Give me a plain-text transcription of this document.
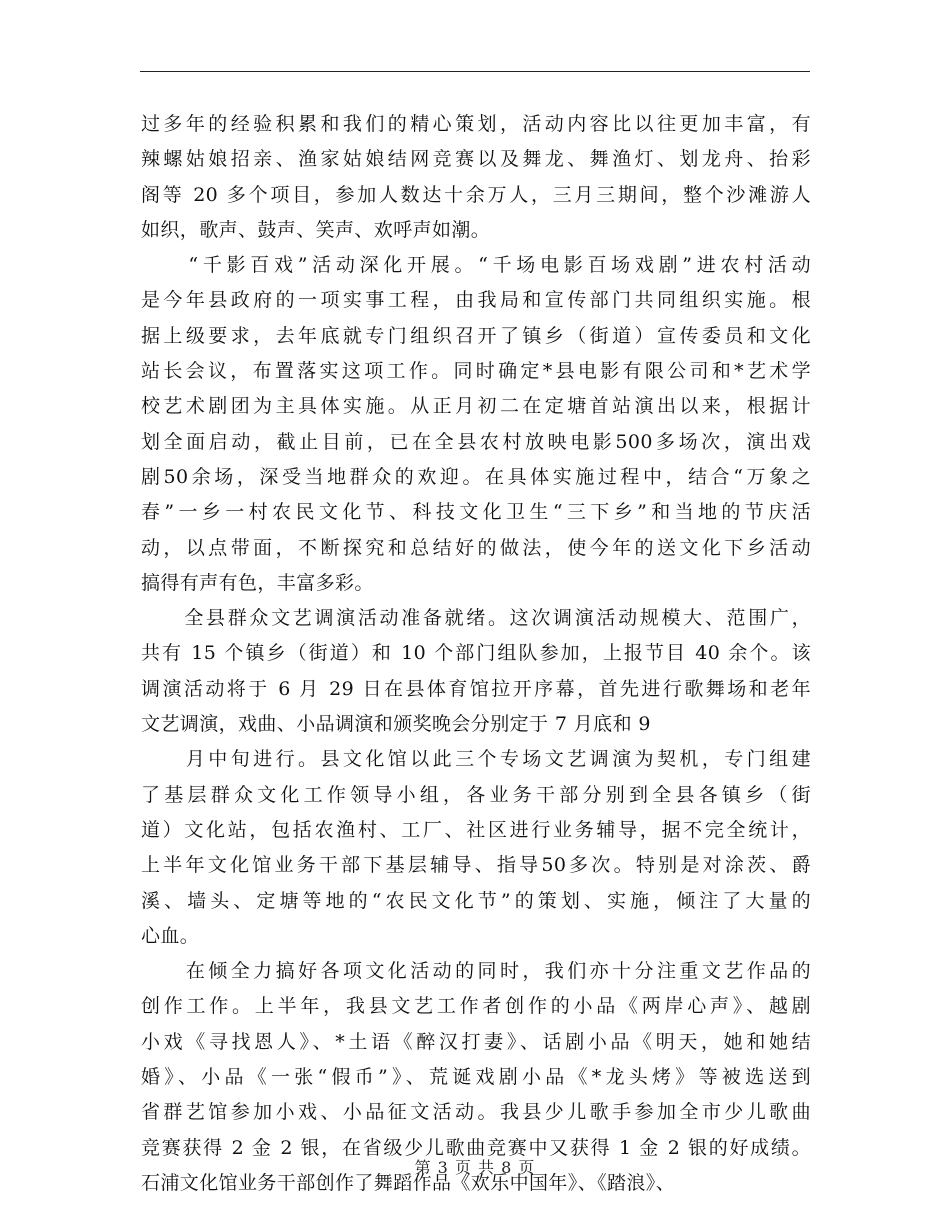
过多年的经验积累和我们的精心策划，活动内容比以往更加丰富，有
辣螺姑娘招亲、渔家姑娘结网竞赛以及舞龙、舞渔灯、划龙舟、抬彩
阁等 20 多个项目，参加人数达十余万人，三月三期间，整个沙滩游人
如织，歌声、鼓声、笑声、欢呼声如潮。

　　“千影百戏”活动深化开展。“千场电影百场戏剧”进农村活动
是今年县政府的一项实事工程，由我局和宣传部门共同组织实施。根
据上级要求，去年底就专门组织召开了镇乡（街道）宣传委员和文化
站长会议，布置落实这项工作。同时确定*县电影有限公司和*艺术学
校艺术剧团为主具体实施。从正月初二在定塘首站演出以来，根据计
划全面启动，截止目前，已在全县农村放映电影500多场次，演出戏
剧50余场，深受当地群众的欢迎。在具体实施过程中，结合“万象之
春”一乡一村农民文化节、科技文化卫生“三下乡”和当地的节庆活
动，以点带面，不断探究和总结好的做法，使今年的送文化下乡活动
搞得有声有色，丰富多彩。

　　全县群众文艺调演活动准备就绪。这次调演活动规模大、范围广，
共有 15 个镇乡（街道）和 10 个部门组队参加，上报节目 40 余个。该
调演活动将于 6 月 29 日在县体育馆拉开序幕，首先进行歌舞场和老年
文艺调演，戏曲、小品调演和颁奖晚会分别定于 7 月底和 9

　　月中旬进行。县文化馆以此三个专场文艺调演为契机，专门组建
了基层群众文化工作领导小组，各业务干部分别到全县各镇乡（街
道）文化站，包括农渔村、工厂、社区进行业务辅导，据不完全统计，
上半年文化馆业务干部下基层辅导、指导50多次。特别是对涂茨、爵
溪、墙头、定塘等地的“农民文化节”的策划、实施，倾注了大量的
心血。

　　在倾全力搞好各项文化活动的同时，我们亦十分注重文艺作品的
创作工作。上半年，我县文艺工作者创作的小品《两岸心声》、越剧
小戏《寻找恩人》、*土语《醉汉打妻》、话剧小品《明天，她和她结
婚》、小品《一张“假币”》、荒诞戏剧小品《*龙头烤》等被选送到
省群艺馆参加小戏、小品征文活动。我县少儿歌手参加全市少儿歌曲
竞赛获得 2 金 2 银，在省级少儿歌曲竞赛中又获得 1 金 2 银的好成绩。
石浦文化馆业务干部创作了舞蹈作品《欢乐中国年》、《踏浪》、

第 3 页 共 8 页
